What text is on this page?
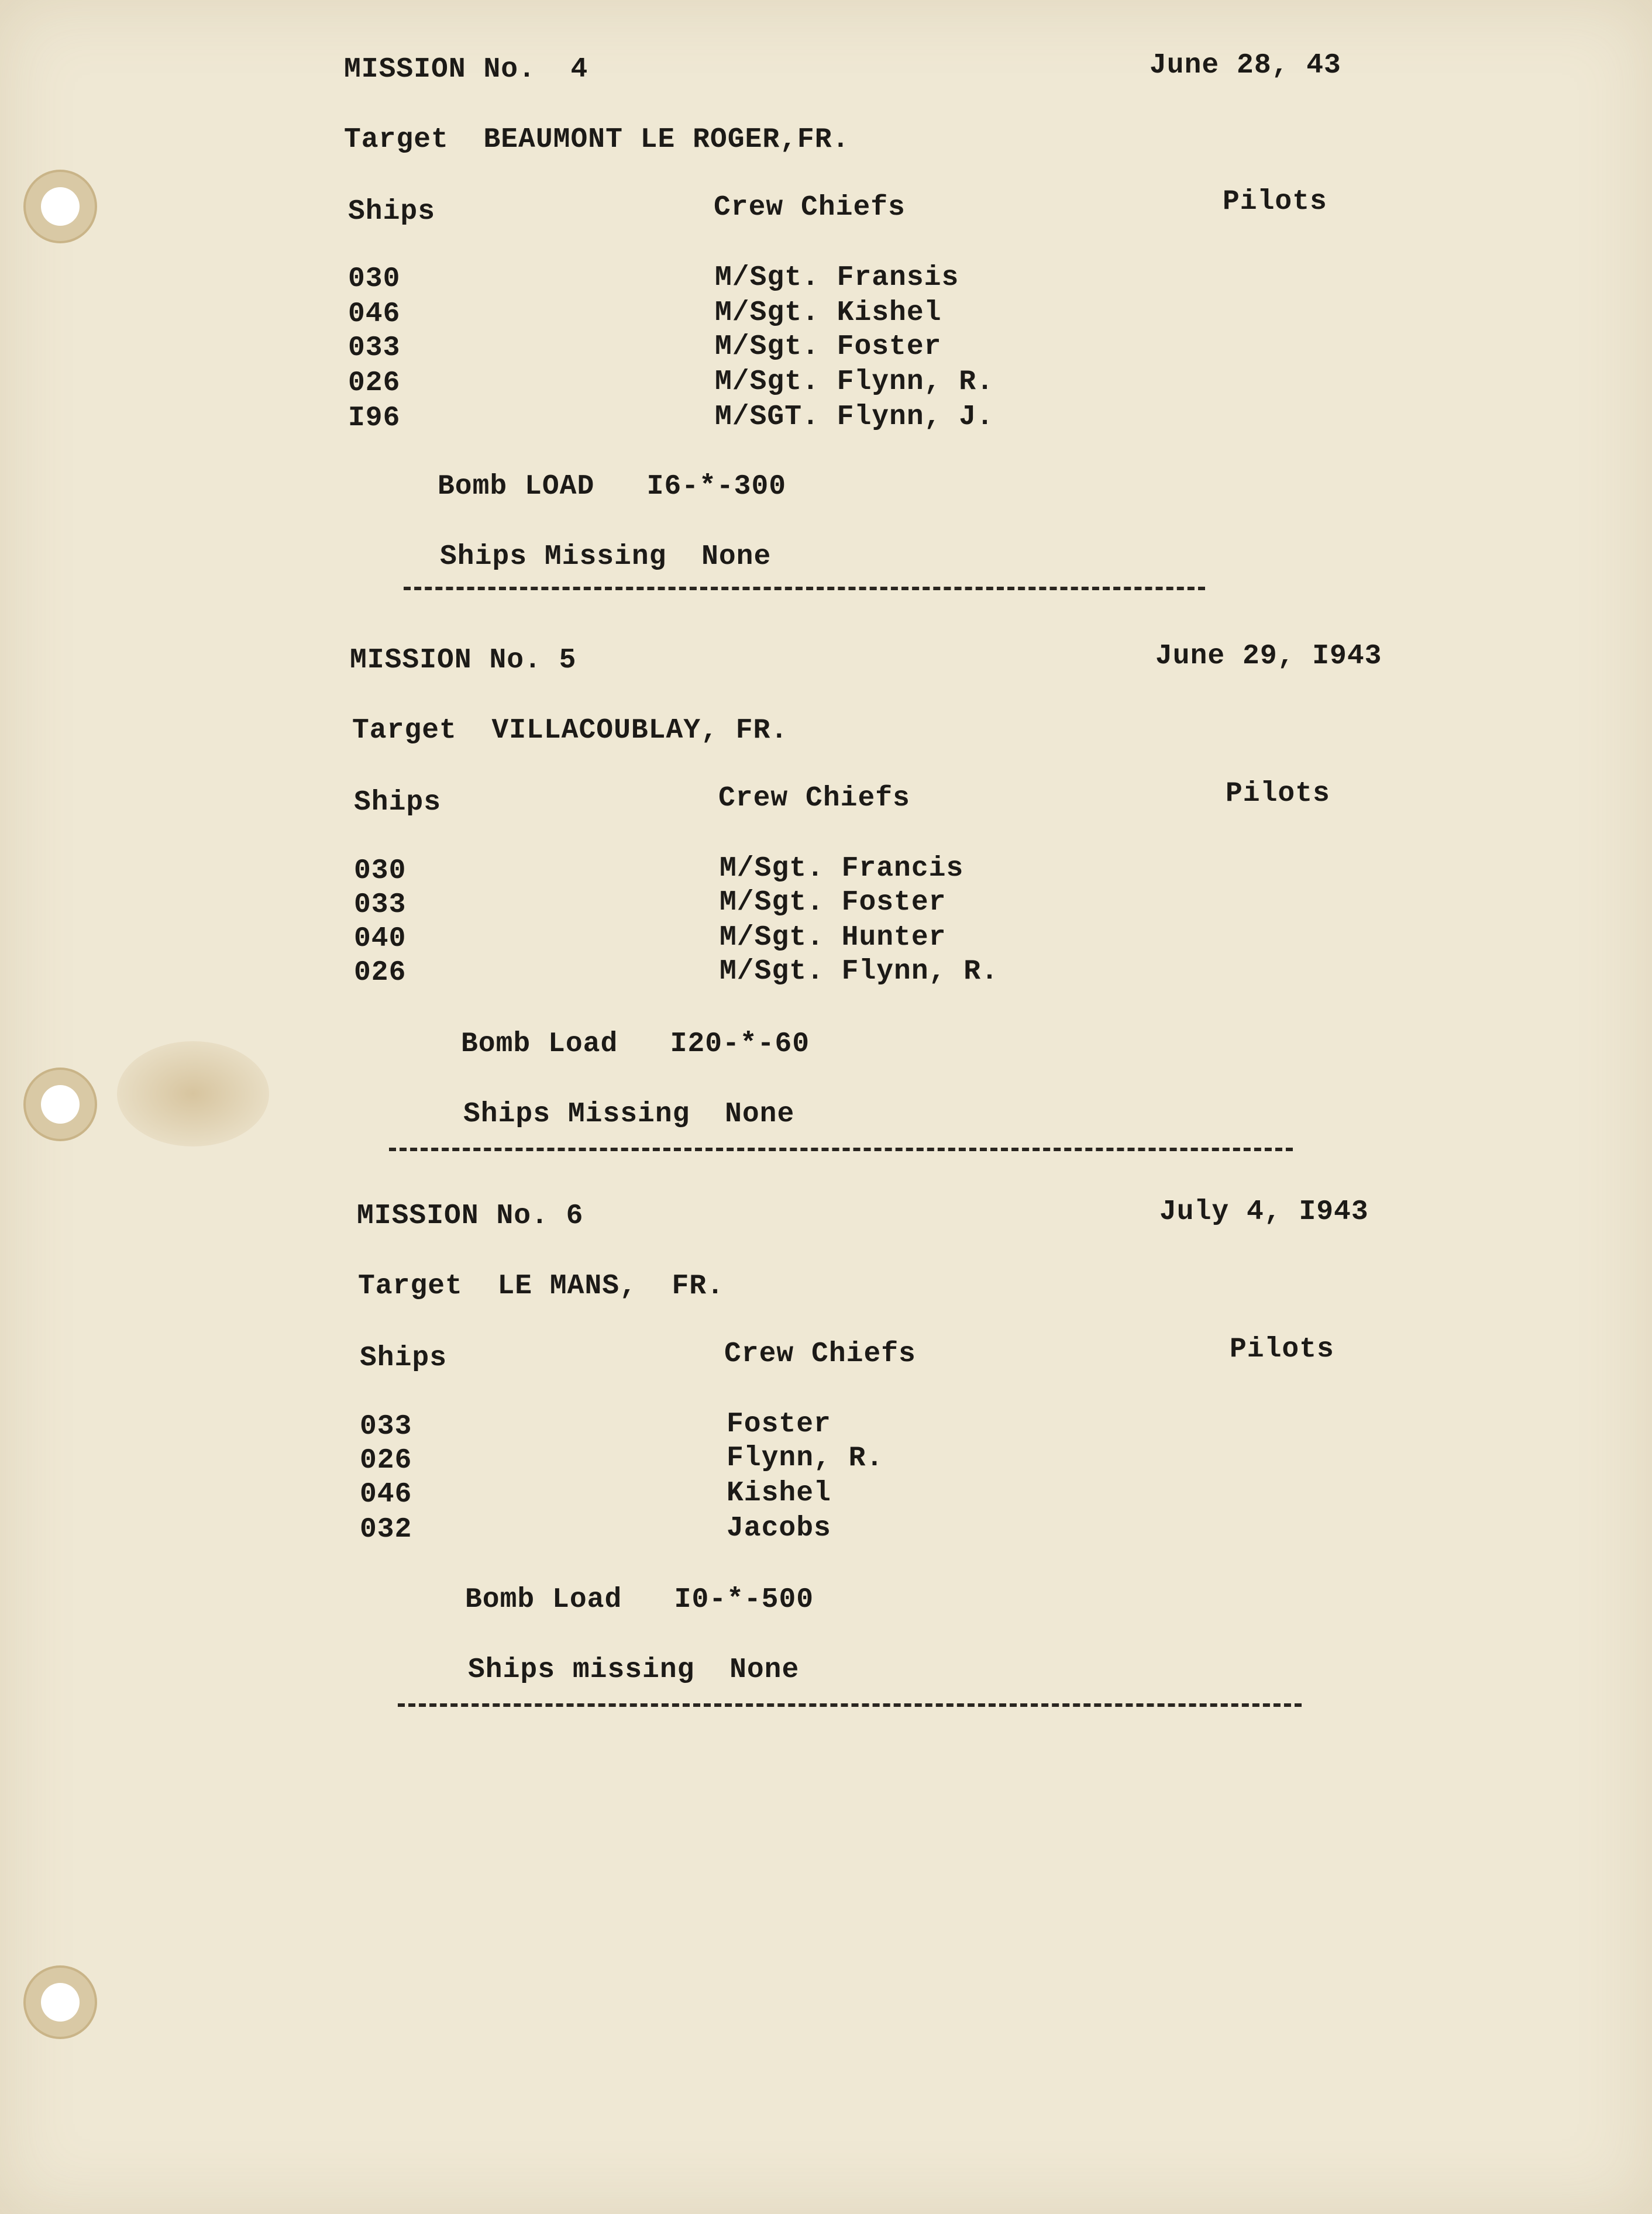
MISSION No.  4	June 28, 43
Target  BEAUMONT LE ROGER,FR.
Ships	Crew Chiefs	Pilots
030	M/Sgt. Fransis
046	M/Sgt. Kishel
033	M/Sgt. Foster
026	M/Sgt. Flynn, R.
I96	M/SGT. Flynn, J.
Bomb LOAD   I6-*-300
Ships Missing  None
MISSION No. 5	June 29, I943
Target  VILLACOUBLAY, FR.
Ships	Crew Chiefs	Pilots
030	M/Sgt. Francis
033	M/Sgt. Foster
040	M/Sgt. Hunter
026	M/Sgt. Flynn, R.
Bomb Load   I20-*-60
Ships Missing  None
MISSION No. 6	July 4, I943
Target  LE MANS,  FR.
Ships	Crew Chiefs	Pilots
033	Foster
026	Flynn, R.
046	Kishel
032	Jacobs
Bomb Load   I0-*-500
Ships missing  None
